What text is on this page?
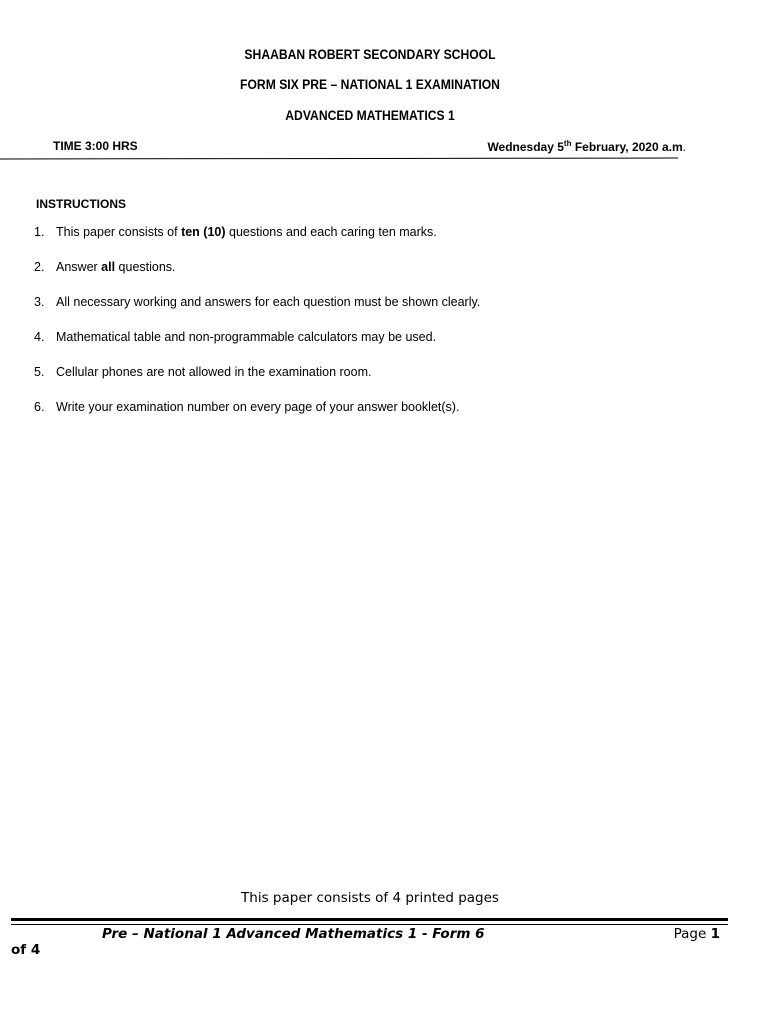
SHAABAN ROBERT SECONDARY SCHOOL
FORM SIX PRE – NATIONAL 1 EXAMINATION
ADVANCED MATHEMATICS 1
TIME 3:00 HRS	Wednesday 5th February, 2020 a.m.
INSTRUCTIONS
1. This paper consists of ten (10) questions and each caring ten marks.
2. Answer all questions.
3. All necessary working and answers for each question must be shown clearly.
4. Mathematical table and non-programmable calculators may be used.
5. Cellular phones are not allowed in the examination room.
6. Write your examination number on every page of your answer booklet(s).
This paper consists of 4 printed pages
Pre – National 1 Advanced Mathematics 1 - Form 6	Page 1
of 4
